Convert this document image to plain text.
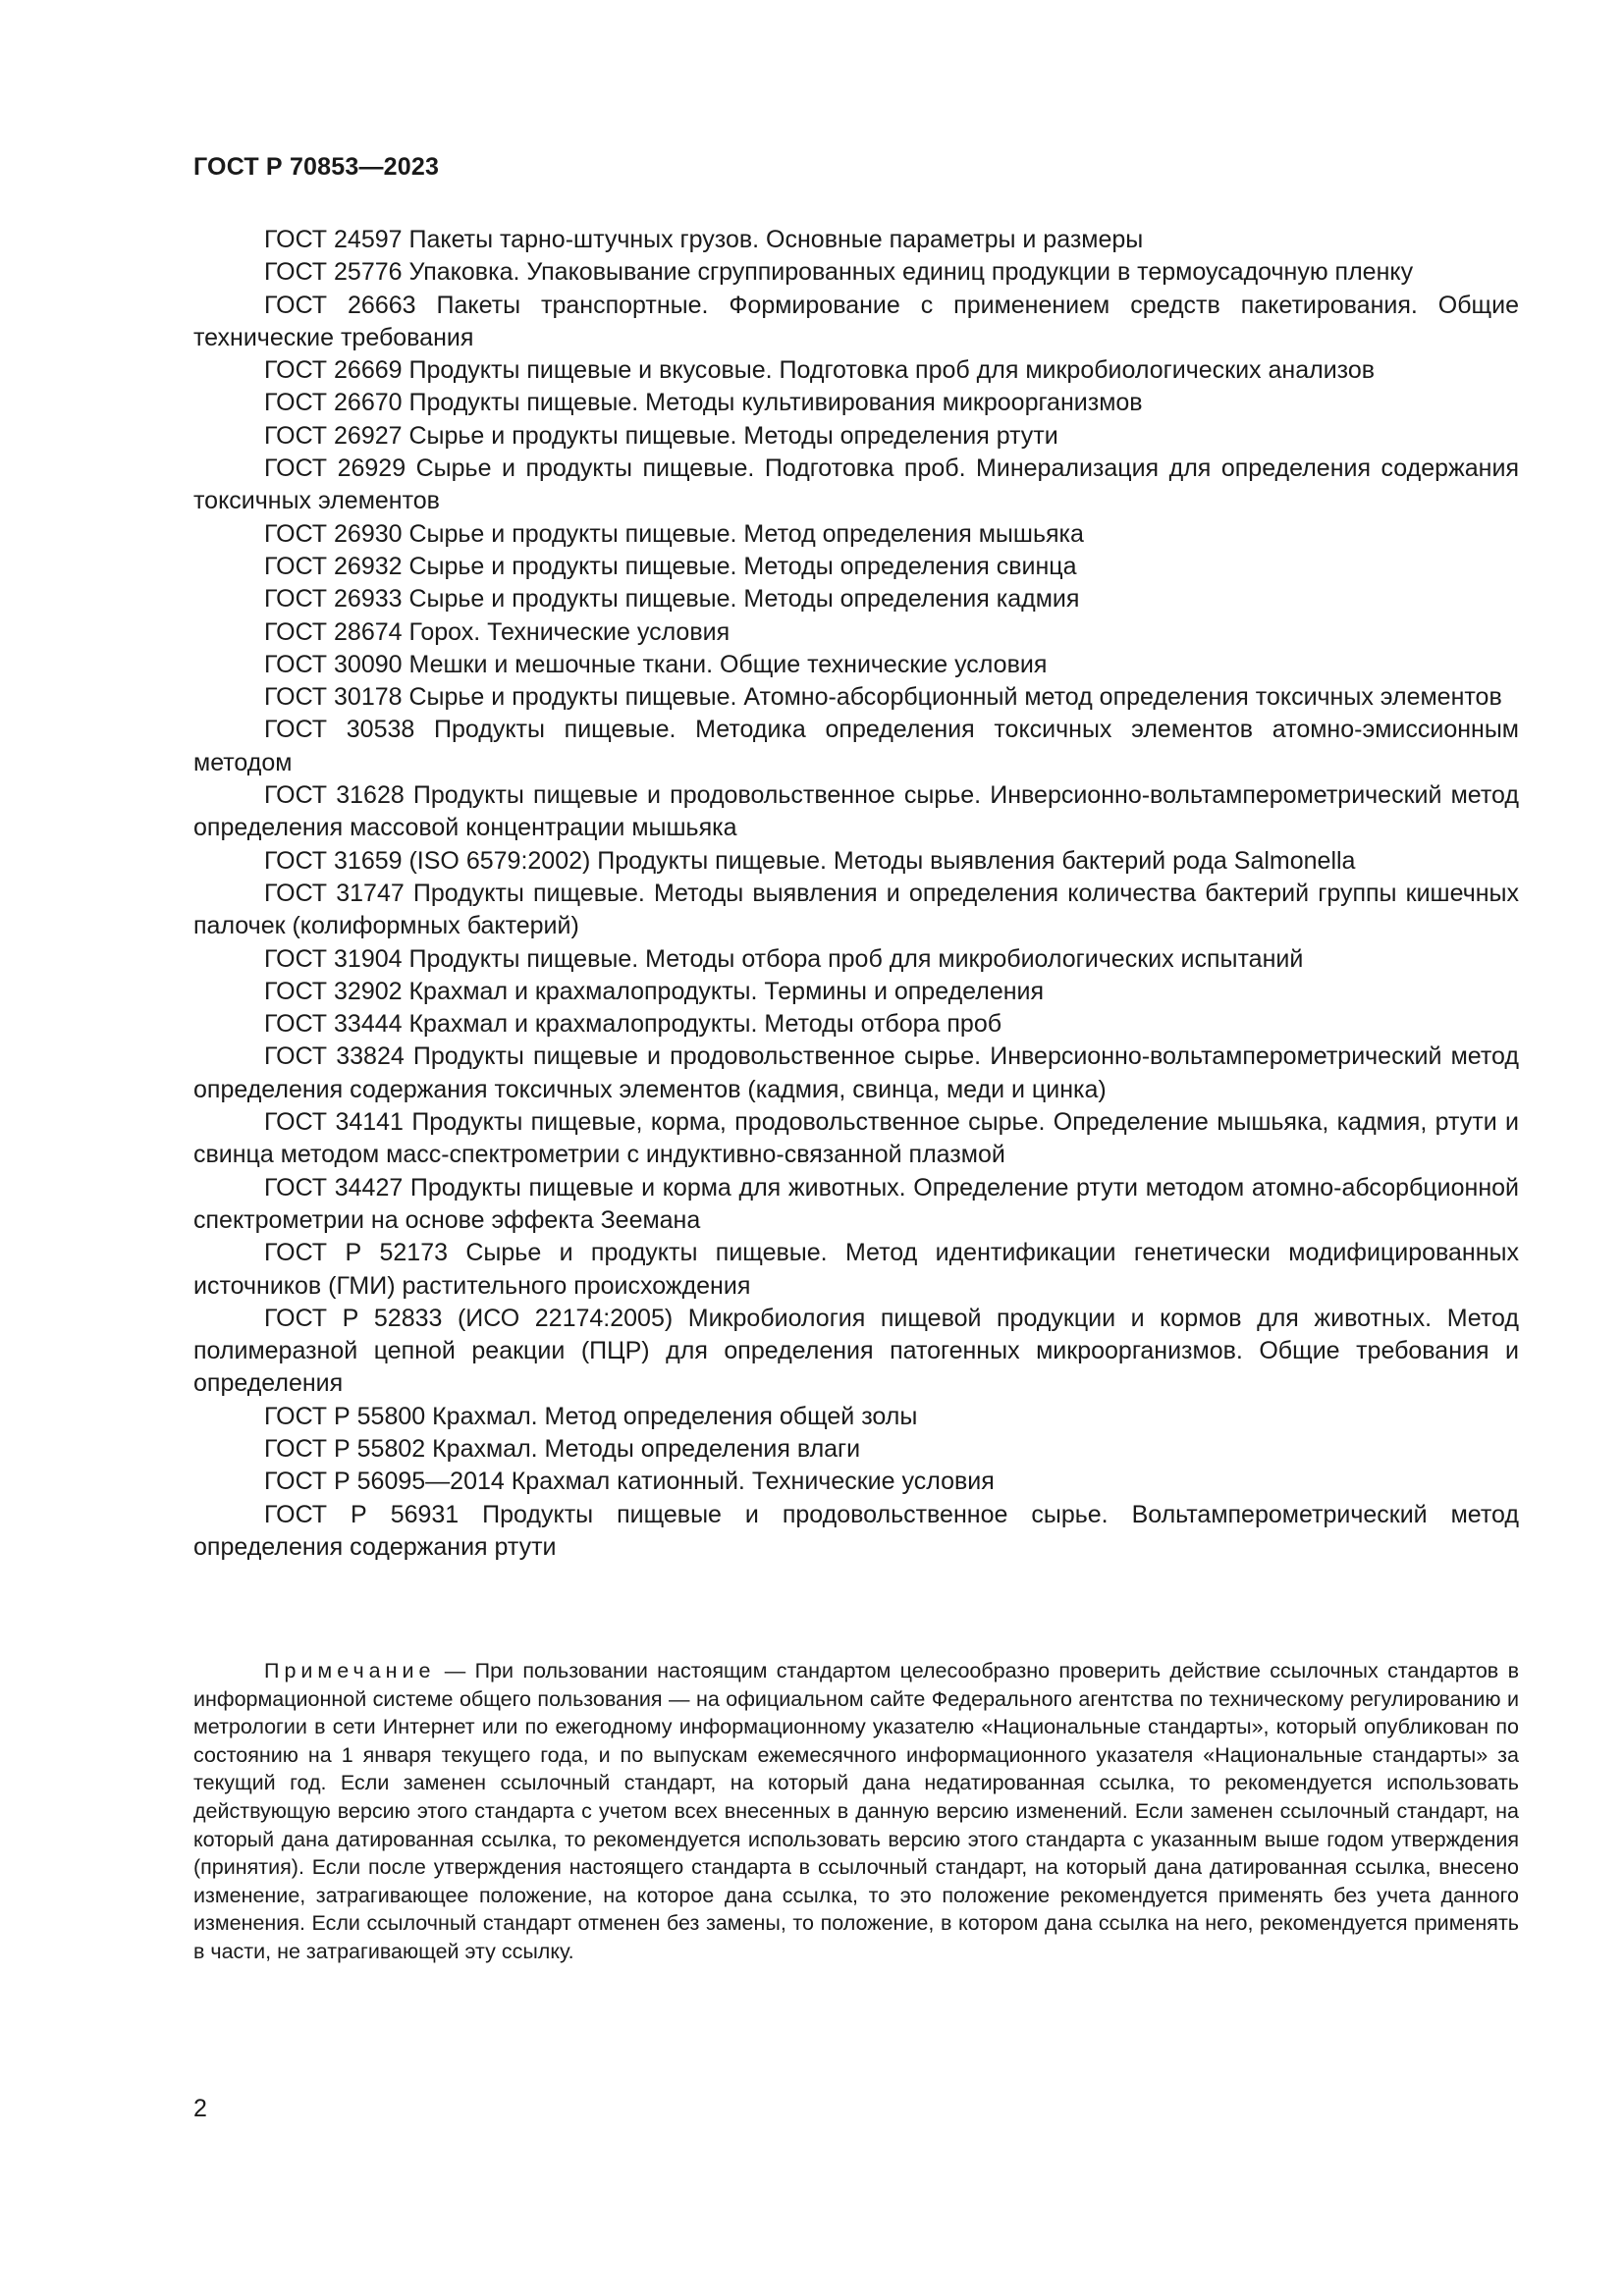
ГОСТ Р 70853—2023

ГОСТ 24597 Пакеты тарно-штучных грузов. Основные параметры и размеры

ГОСТ 25776 Упаковка. Упаковывание сгруппированных единиц продукции в термоусадочную пленку

ГОСТ 26663 Пакеты транспортные. Формирование с применением средств пакетирования. Общие технические требования

ГОСТ 26669 Продукты пищевые и вкусовые. Подготовка проб для микробиологических анализов

ГОСТ 26670 Продукты пищевые. Методы культивирования микроорганизмов

ГОСТ 26927 Сырье и продукты пищевые. Методы определения ртути

ГОСТ 26929 Сырье и продукты пищевые. Подготовка проб. Минерализация для определения содержания токсичных элементов

ГОСТ 26930 Сырье и продукты пищевые. Метод определения мышьяка

ГОСТ 26932 Сырье и продукты пищевые. Методы определения свинца

ГОСТ 26933 Сырье и продукты пищевые. Методы определения кадмия

ГОСТ 28674 Горох. Технические условия

ГОСТ 30090 Мешки и мешочные ткани. Общие технические условия

ГОСТ 30178 Сырье и продукты пищевые. Атомно-абсорбционный метод определения токсичных элементов

ГОСТ 30538 Продукты пищевые. Методика определения токсичных элементов атомно-эмиссионным методом

ГОСТ 31628 Продукты пищевые и продовольственное сырье. Инверсионно-вольтамперометрический метод определения массовой концентрации мышьяка

ГОСТ 31659 (ISO 6579:2002) Продукты пищевые. Методы выявления бактерий рода Salmonella

ГОСТ 31747 Продукты пищевые. Методы выявления и определения количества бактерий группы кишечных палочек (колиформных бактерий)

ГОСТ 31904 Продукты пищевые. Методы отбора проб для микробиологических испытаний

ГОСТ 32902 Крахмал и крахмалопродукты. Термины и определения

ГОСТ 33444 Крахмал и крахмалопродукты. Методы отбора проб

ГОСТ 33824 Продукты пищевые и продовольственное сырье. Инверсионно-вольтамперометрический метод определения содержания токсичных элементов (кадмия, свинца, меди и цинка)

ГОСТ 34141 Продукты пищевые, корма, продовольственное сырье. Определение мышьяка, кадмия, ртути и свинца методом масс-спектрометрии с индуктивно-связанной плазмой

ГОСТ 34427 Продукты пищевые и корма для животных. Определение ртути методом атомно-абсорбционной спектрометрии на основе эффекта Зеемана

ГОСТ Р 52173 Сырье и продукты пищевые. Метод идентификации генетически модифицированных источников (ГМИ) растительного происхождения

ГОСТ Р 52833 (ИСО 22174:2005) Микробиология пищевой продукции и кормов для животных. Метод полимеразной цепной реакции (ПЦР) для определения патогенных микроорганизмов. Общие требования и определения

ГОСТ Р 55800 Крахмал. Метод определения общей золы

ГОСТ Р 55802 Крахмал. Методы определения влаги

ГОСТ Р 56095—2014 Крахмал катионный. Технические условия

ГОСТ Р 56931 Продукты пищевые и продовольственное сырье. Вольтамперометрический метод определения содержания ртути

Примечание — При пользовании настоящим стандартом целесообразно проверить действие ссылочных стандартов в информационной системе общего пользования — на официальном сайте Федерального агентства по техническому регулированию и метрологии в сети Интернет или по ежегодному информационному указателю «Национальные стандарты», который опубликован по состоянию на 1 января текущего года, и по выпускам ежемесячного информационного указателя «Национальные стандарты» за текущий год. Если заменен ссылочный стандарт, на который дана недатированная ссылка, то рекомендуется использовать действующую версию этого стандарта с учетом всех внесенных в данную версию изменений. Если заменен ссылочный стандарт, на который дана датированная ссылка, то рекомендуется использовать версию этого стандарта с указанным выше годом утверждения (принятия). Если после утверждения настоящего стандарта в ссылочный стандарт, на который дана датированная ссылка, внесено изменение, затрагивающее положение, на которое дана ссылка, то это положение рекомендуется применять без учета данного изменения. Если ссылочный стандарт отменен без замены, то положение, в котором дана ссылка на него, рекомендуется применять в части, не затрагивающей эту ссылку.

2
